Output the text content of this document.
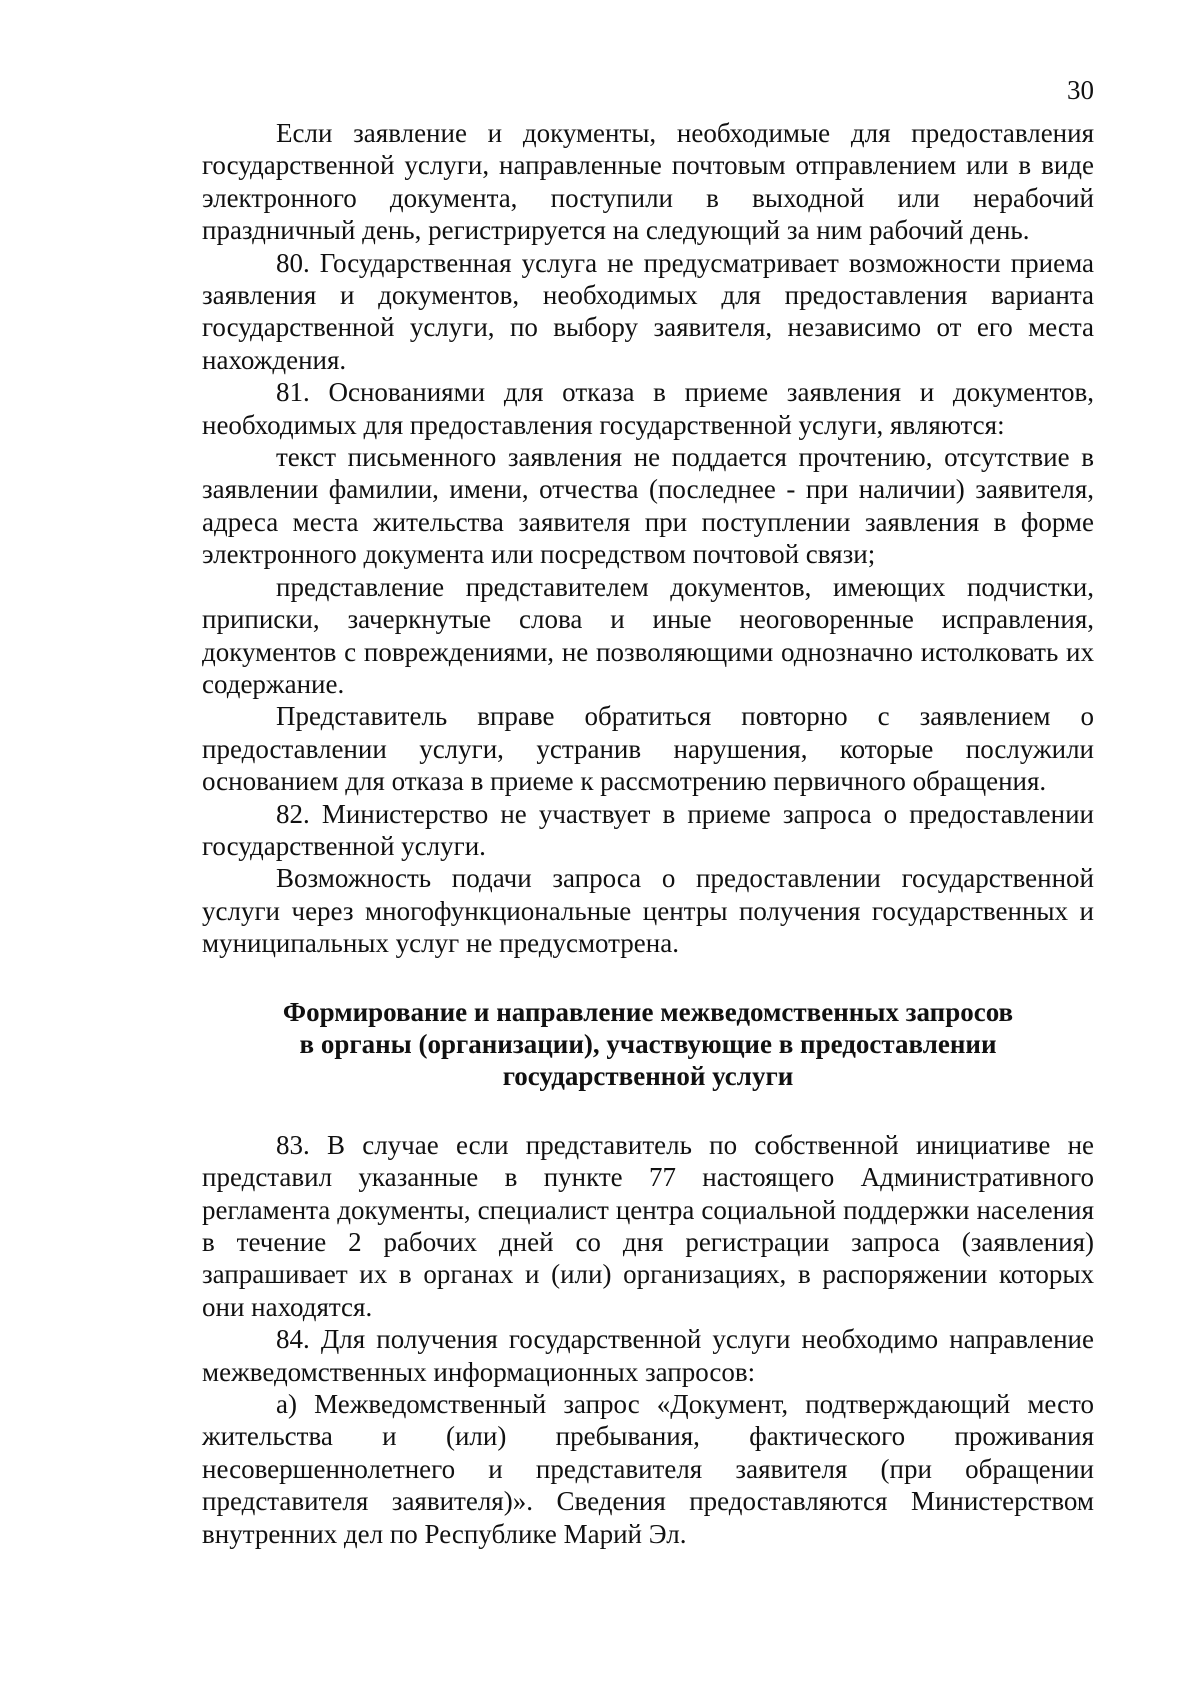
30

Если заявление и документы, необходимые для предоставления государственной услуги, направленные почтовым отправлением или в виде электронного документа, поступили в выходной или нерабочий праздничный день, регистрируется на следующий за ним рабочий день.

80. Государственная услуга не предусматривает возможности приема заявления и документов, необходимых для предоставления варианта государственной услуги, по выбору заявителя, независимо от его места нахождения.

81. Основаниями для отказа в приеме заявления и документов, необходимых для предоставления государственной услуги, являются:

текст письменного заявления не поддается прочтению, отсутствие в заявлении фамилии, имени, отчества (последнее - при наличии) заявителя, адреса места жительства заявителя при поступлении заявления в форме электронного документа или посредством почтовой связи;

представление представителем документов, имеющих подчистки, приписки, зачеркнутые слова и иные неоговоренные исправления, документов с повреждениями, не позволяющими однозначно истолковать их содержание.

Представитель вправе обратиться повторно с заявлением о предоставлении услуги, устранив нарушения, которые послужили основанием для отказа в приеме к рассмотрению первичного обращения.

82. Министерство не участвует в приеме запроса о предоставлении государственной услуги.

Возможность подачи запроса о предоставлении государственной услуги через многофункциональные центры получения государственных и муниципальных услуг не предусмотрена.

Формирование и направление межведомственных запросов
в органы (организации), участвующие в предоставлении
государственной услуги

83. В случае если представитель по собственной инициативе не представил указанные в пункте 77 настоящего Административного регламента документы, специалист центра социальной поддержки населения в течение 2 рабочих дней со дня регистрации запроса (заявления) запрашивает их в органах и (или) организациях, в распоряжении которых они находятся.

84. Для получения государственной услуги необходимо направление межведомственных информационных запросов:

а) Межведомственный запрос «Документ, подтверждающий место жительства и (или) пребывания, фактического проживания несовершеннолетнего и представителя заявителя (при обращении представителя заявителя)». Сведения предоставляются Министерством внутренних дел по Республике Марий Эл.
